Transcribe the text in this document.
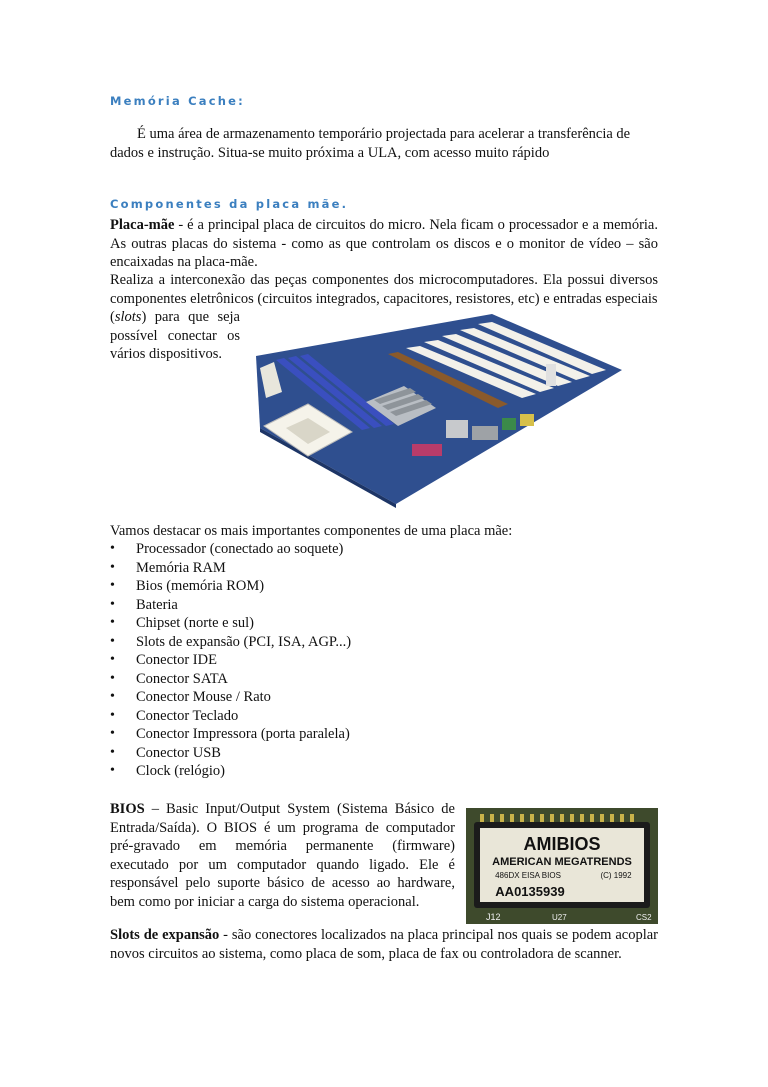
Memória Cache:

É uma área de armazenamento temporário projectada para acelerar a transferência de dados e instrução. Situa-se muito próxima a ULA, com acesso muito rápido

Componentes da placa mãe.

Placa-mãe - é a principal placa de circuitos do micro. Nela ficam o processador e a memória. As outras placas do sistema - como as que controlam os discos e o monitor de vídeo – são encaixadas na placa-mãe.

Realiza a interconexão das peças componentes dos microcomputadores. Ela possui diversos componentes eletrônicos (circuitos integrados, capacitores, resistores, etc) e entradas especiais

(slots) para que seja possível conectar os vários dispositivos.

Vamos destacar os mais importantes componentes de uma placa mãe:

• Processador (conectado ao soquete)
• Memória RAM
• Bios (memória ROM)
• Bateria
• Chipset (norte e sul)
• Slots de expansão (PCI, ISA, AGP...)
• Conector IDE
• Conector SATA
• Conector Mouse / Rato
• Conector Teclado
• Conector Impressora (porta paralela)
• Conector USB
• Clock (relógio)

BIOS – Basic Input/Output System (Sistema Básico de Entrada/Saída). O BIOS é um programa de computador pré-gravado em memória permanente (firmware) executado por um computador quando ligado. Ele é responsável pelo suporte básico de acesso ao hardware, bem como por iniciar a carga do sistema operacional.

AMIBIOS
AMERICAN MEGATRENDS
486DX EISA BIOS	(C) 1992
AA0135939
J12	U27	CS2

Slots de expansão - são conectores localizados na placa principal nos quais se podem acoplar novos circuitos ao sistema, como placa de som, placa de fax ou controladora de scanner.
